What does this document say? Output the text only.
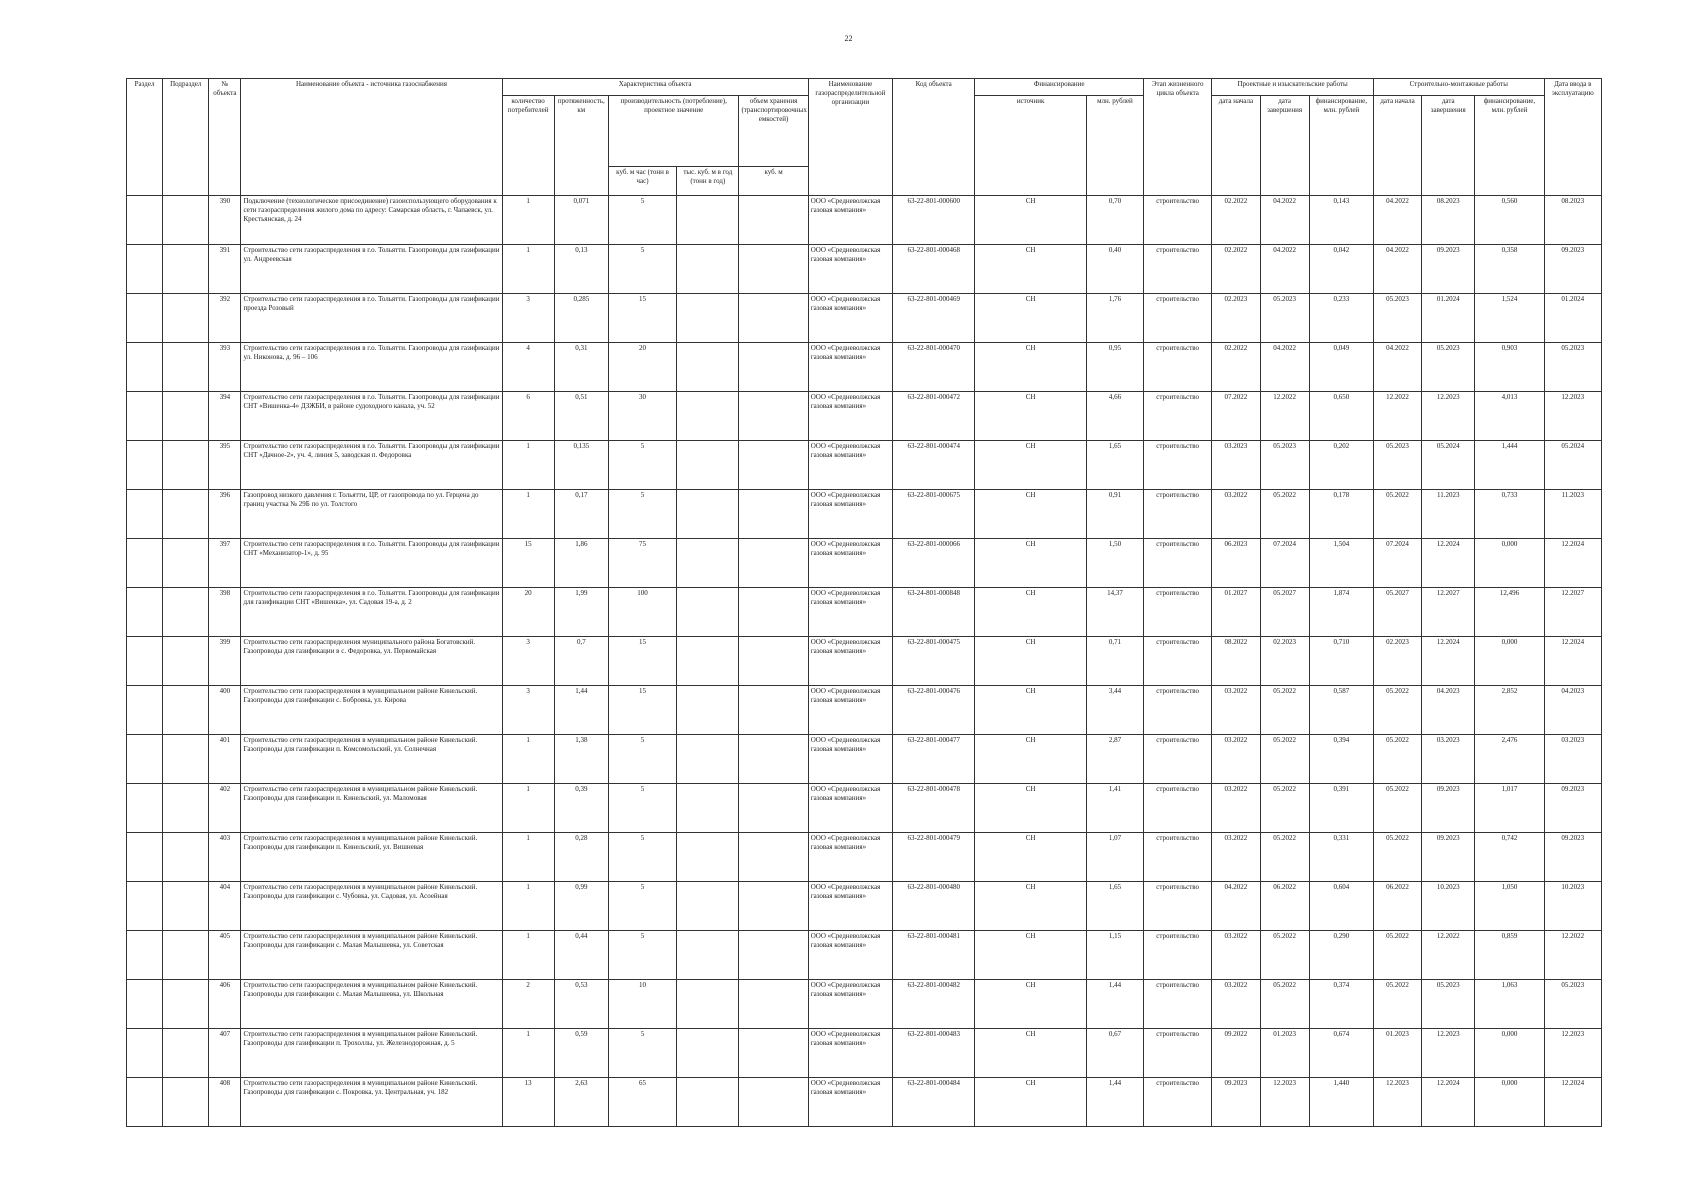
22
Раздел	Подраздел	№ объекта	Наименование объекта - источника газоснабжения	Характеристика объекта					Наименование газораспределительной организации	Код объекта	Финансирование		Этап жизненного цикла объекта	Проектные и изыскательские работы			Строительно-монтажные работы			Дата ввода в эксплуатацию
				количество потребителей	протяженность, км	производительность (потребление), проектное значение		объем хранения (транспортировочных емкостей)			источник	млн. рублей		дата начала	дата завершения	финансирование, млн. рублей	дата начала	дата завершения	финансирование, млн. рублей	
						куб. м час (тонн в час)	тыс. куб. м в год (тонн в год)	куб. м												
		390	Подключение (технологическое присоединение) газоиспользующего оборудования к сети газораспределения жилого дома по адресу: Самарская область, г. Чапаевск, ул. Крестьянская, д. 24	1	0,071	5			ООО «Средневолжская газовая компания»	63-22-801-000600	СН	0,70	строительство	02.2022	04.2022	0,143	04.2022	08.2023	0,560	08.2023
		391	Строительство сети газораспределения в г.о. Тольятти. Газопроводы для газификации ул. Андреевская	1	0,13	5			ООО «Средневолжская газовая компания»	63-22-801-000468	СН	0,40	строительство	02.2022	04.2022	0,042	04.2022	09.2023	0,358	09.2023
		392	Строительство сети газораспределения в г.о. Тольятти. Газопроводы для газификации проезда Розовый	3	0,285	15			ООО «Средневолжская газовая компания»	63-22-801-000469	СН	1,76	строительство	02.2023	05.2023	0,233	05.2023	01.2024	1,524	01.2024
		393	Строительство сети газораспределения в г.о. Тольятти. Газопроводы для газификации ул. Никонова, д. 96 – 106	4	0,31	20			ООО «Средневолжская газовая компания»	63-22-801-000470	СН	0,95	строительство	02.2022	04.2022	0,049	04.2022	05.2023	0,903	05.2023
		394	Строительство сети газораспределения в г.о. Тольятти. Газопроводы для газификации СНТ «Вишенка-4» ДЗЖБИ, в районе судоходного канала, уч. 52	6	0,51	30			ООО «Средневолжская газовая компания»	63-22-801-000472	СН	4,66	строительство	07.2022	12.2022	0,650	12.2022	12.2023	4,013	12.2023
		395	Строительство сети газораспределения в г.о. Тольятти. Газопроводы для газификации СНТ «Дачное-2», уч. 4, линия 5, заводская п. Федоровка	1	0,135	5			ООО «Средневолжская газовая компания»	63-22-801-000474	СН	1,65	строительство	03.2023	05.2023	0,202	05.2023	05.2024	1,444	05.2024
		396	Газопровод низкого давления г. Тольятти, ЦР, от газопровода по ул. Герцена до границ участка № 29Б по ул. Толстого	1	0,17	5			ООО «Средневолжская газовая компания»	63-22-801-000675	СН	0,91	строительство	03.2022	05.2022	0,178	05.2022	11.2023	0,733	11.2023
		397	Строительство сети газораспределения в г.о. Тольятти. Газопроводы для газификации СНТ «Механизатор-1», д. 95	15	1,86	75			ООО «Средневолжская газовая компания»	63-22-801-000066	СН	1,50	строительство	06.2023	07.2024	1,504	07.2024	12.2024	0,000	12.2024
		398	Строительство сети газораспределения в г.о. Тольятти. Газопроводы для газификации для газификации СНТ «Вишенка», ул. Садовая 19-а, д. 2	20	1,99	100			ООО «Средневолжская газовая компания»	63-24-801-000848	СН	14,37	строительство	01.2027	05.2027	1,874	05.2027	12.2027	12,496	12.2027
		399	Строительство сети газораспределения муниципального района Богатовский. Газопроводы для газификации в с. Федоровка, ул. Первомайская	3	0,7	15			ООО «Средневолжская газовая компания»	63-22-801-000475	СН	0,71	строительство	08.2022	02.2023	0,710	02.2023	12.2024	0,000	12.2024
		400	Строительство сети газораспределения в муниципальном районе Кинельский. Газопроводы для газификации с. Бобровка, ул. Кирова	3	1,44	15			ООО «Средневолжская газовая компания»	63-22-801-000476	СН	3,44	строительство	03.2022	05.2022	0,587	05.2022	04.2023	2,852	04.2023
		401	Строительство сети газораспределения в муниципальном районе Кинельский. Газопроводы для газификации п. Комсомольский, ул. Солнечная	1	1,38	5			ООО «Средневолжская газовая компания»	63-22-801-000477	СН	2,87	строительство	03.2022	05.2022	0,394	05.2022	03.2023	2,476	03.2023
		402	Строительство сети газораспределения в муниципальном районе Кинельский. Газопроводы для газификации п. Кинельский, ул. Маломовая	1	0,39	5			ООО «Средневолжская газовая компания»	63-22-801-000478	СН	1,41	строительство	03.2022	05.2022	0,391	05.2022	09.2023	1,017	09.2023
		403	Строительство сети газораспределения в муниципальном районе Кинельский. Газопроводы для газификации п. Кинельский, ул. Вишневая	1	0,28	5			ООО «Средневолжская газовая компания»	63-22-801-000479	СН	1,07	строительство	03.2022	05.2022	0,331	05.2022	09.2023	0,742	09.2023
		404	Строительство сети газораспределения в муниципальном районе Кинельский. Газопроводы для газификации с. Чубовка, ул. Садовая, ул. Асоейная	1	0,99	5			ООО «Средневолжская газовая компания»	63-22-801-000480	СН	1,65	строительство	04.2022	06.2022	0,604	06.2022	10.2023	1,050	10.2023
		405	Строительство сети газораспределения в муниципальном районе Кинельский. Газопроводы для газификации с. Малая Малышевка, ул. Советская	1	0,44	5			ООО «Средневолжская газовая компания»	63-22-801-000481	СН	1,15	строительство	03.2022	05.2022	0,290	05.2022	12.2022	0,859	12.2022
		406	Строительство сети газораспределения в муниципальном районе Кинельский. Газопроводы для газификации с. Малая Малышевка, ул. Школьная	2	0,53	10			ООО «Средневолжская газовая компания»	63-22-801-000482	СН	1,44	строительство	03.2022	05.2022	0,374	05.2022	05.2023	1,063	05.2023
		407	Строительство сети газораспределения в муниципальном районе Кинельский. Газопроводы для газификации п. Трохоллы, ул. Железнодорожная, д. 5	1	0,59	5			ООО «Средневолжская газовая компания»	63-22-801-000483	СН	0,67	строительство	09.2022	01.2023	0,674	01.2023	12.2023	0,000	12.2023
		408	Строительство сети газораспределения в муниципальном районе Кинельский. Газопроводы для газификации с. Покровка, ул. Центральная, уч. 182	13	2,63	65			ООО «Средневолжская газовая компания»	63-22-801-000484	СН	1,44	строительство	09.2023	12.2023	1,440	12.2023	12.2024	0,000	12.2024
